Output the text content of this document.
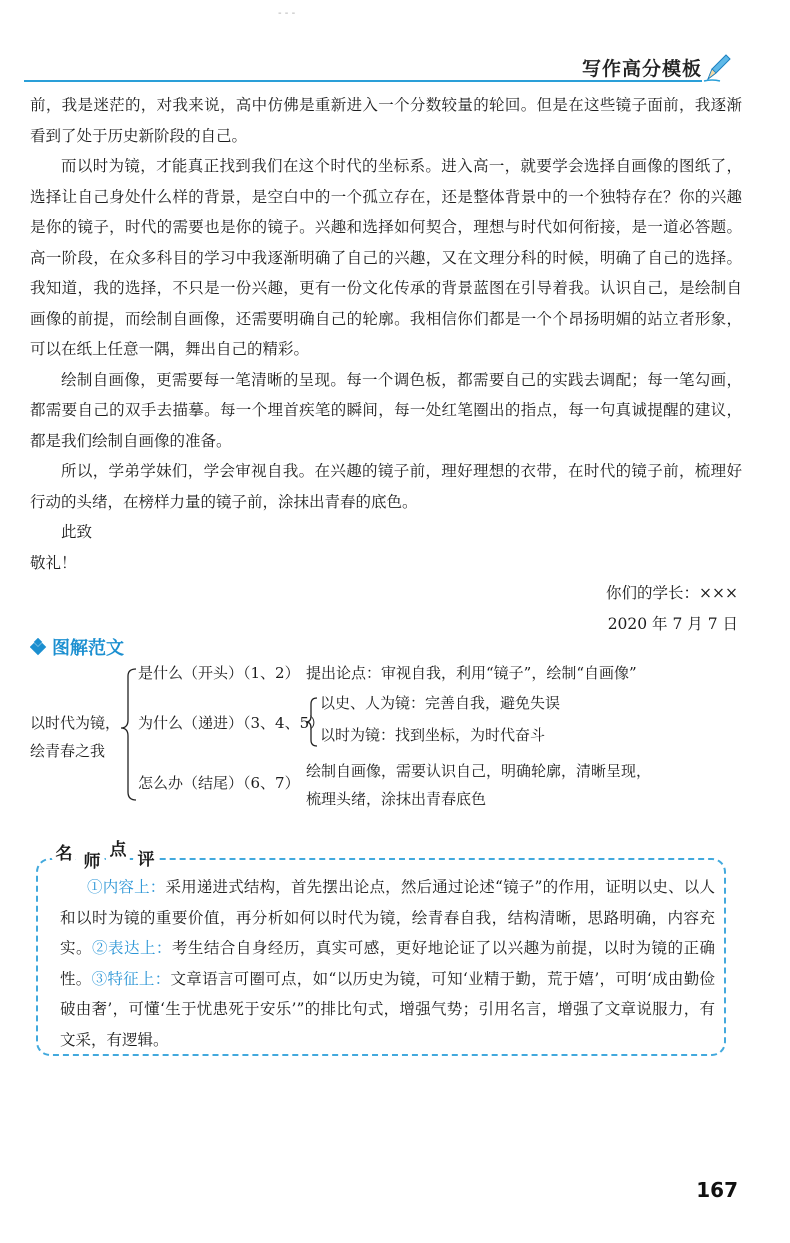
- - -
写作高分模板

前，我是迷茫的，对我来说，高中仿佛是重新进入一个分数较量的轮回。但是在这些镜子面前，我逐渐看到了处于历史新阶段的自己。

而以时为镜，才能真正找到我们在这个时代的坐标系。进入高一，就要学会选择自画像的图纸了，选择让自己身处什么样的背景，是空白中的一个孤立存在，还是整体背景中的一个独特存在？你的兴趣是你的镜子，时代的需要也是你的镜子。兴趣和选择如何契合，理想与时代如何衔接，是一道必答题。高一阶段，在众多科目的学习中我逐渐明确了自己的兴趣，又在文理分科的时候，明确了自己的选择。我知道，我的选择，不只是一份兴趣，更有一份文化传承的背景蓝图在引导着我。认识自己，是绘制自画像的前提，而绘制自画像，还需要明确自己的轮廓。我相信你们都是一个个昂扬明媚的站立者形象，可以在纸上任意一隅，舞出自己的精彩。

绘制自画像，更需要每一笔清晰的呈现。每一个调色板，都需要自己的实践去调配；每一笔勾画，都需要自己的双手去描摹。每一个埋首疾笔的瞬间，每一处红笔圈出的指点，每一句真诚提醒的建议，都是我们绘制自画像的准备。

所以，学弟学妹们，学会审视自我。在兴趣的镜子前，理好理想的衣带，在时代的镜子前，梳理好行动的头绪，在榜样力量的镜子前，涂抹出青春的底色。

此致

敬礼！

你们的学长：×××

2020 年 7 月 7 日

图解范文
以时代为镜，
绘青春之我
是什么（开头）（1、2） 提出论点：审视自我，利用“镜子”，绘制“自画像”
为什么（递进）（3、4、5）
以史、人为镜：完善自我，避免失误
以时为镜：找到坐标，为时代奋斗
怎么办（结尾）（6、7）
绘制自画像，需要认识自己，明确轮廓，清晰呈现，
梳理头绪，涂抹出青春底色
名 师
点 评

①内容上：采用递进式结构，首先摆出论点，然后通过论述“镜子”的作用，证明以史、以人和以时为镜的重要价值，再分析如何以时代为镜，绘青春自我，结构清晰，思路明确，内容充实。②表达上：考生结合自身经历，真实可感，更好地论证了以兴趣为前提，以时为镜的正确性。③特征上：文章语言可圈可点，如“以历史为镜，可知‘业精于勤，荒于嬉’，可明‘成由勤俭破由奢’，可懂‘生于忧患死于安乐’”的排比句式，增强气势；引用名言，增强了文章说服力，有文采，有逻辑。

167
